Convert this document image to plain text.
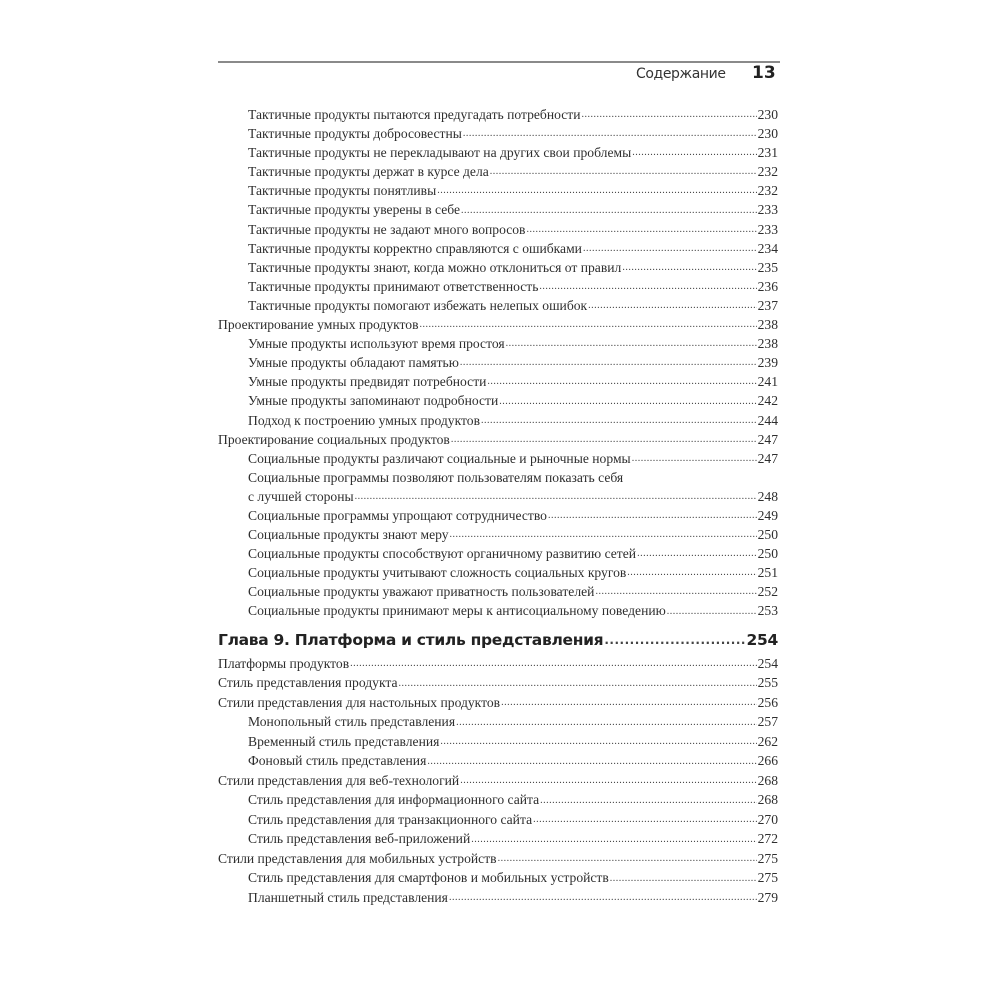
Содержание 13
Тактичные продукты пытаются предугадать потребности .....	230
Тактичные продукты добросовестны .....	230
Тактичные продукты не перекладывают на других свои проблемы .....	231
Тактичные продукты держат в курсе дела .....	232
Тактичные продукты понятливы .....	232
Тактичные продукты уверены в себе .....	233
Тактичные продукты не задают много вопросов .....	233
Тактичные продукты корректно справляются с ошибками .....	234
Тактичные продукты знают, когда можно отклониться от правил .....	235
Тактичные продукты принимают ответственность .....	236
Тактичные продукты помогают избежать нелепых ошибок .....	237
Проектирование умных продуктов .....	238
Умные продукты используют время простоя .....	238
Умные продукты обладают памятью .....	239
Умные продукты предвидят потребности .....	241
Умные продукты запоминают подробности .....	242
Подход к построению умных продуктов .....	244
Проектирование социальных продуктов .....	247
Социальные продукты различают социальные и рыночные нормы .....	247
Социальные программы позволяют пользователям показать себя
с лучшей стороны .....	248
Социальные программы упрощают сотрудничество .....	249
Социальные продукты знают меру .....	250
Социальные продукты способствуют органичному развитию сетей .....	250
Социальные продукты учитывают сложность социальных кругов .....	251
Социальные продукты уважают приватность пользователей .....	252
Социальные продукты принимают меры к антисоциальному поведению .....	253
Глава 9. Платформа и стиль представления .....	254
Платформы продуктов .....	254
Стиль представления продукта .....	255
Стили представления для настольных продуктов .....	256
Монопольный стиль представления .....	257
Временный стиль представления .....	262
Фоновый стиль представления .....	266
Стили представления для веб-технологий .....	268
Стиль представления для информационного сайта .....	268
Стиль представления для транзакционного сайта .....	270
Стиль представления веб-приложений .....	272
Стили представления для мобильных устройств .....	275
Стиль представления для смартфонов и мобильных устройств .....	275
Планшетный стиль представления .....	279
